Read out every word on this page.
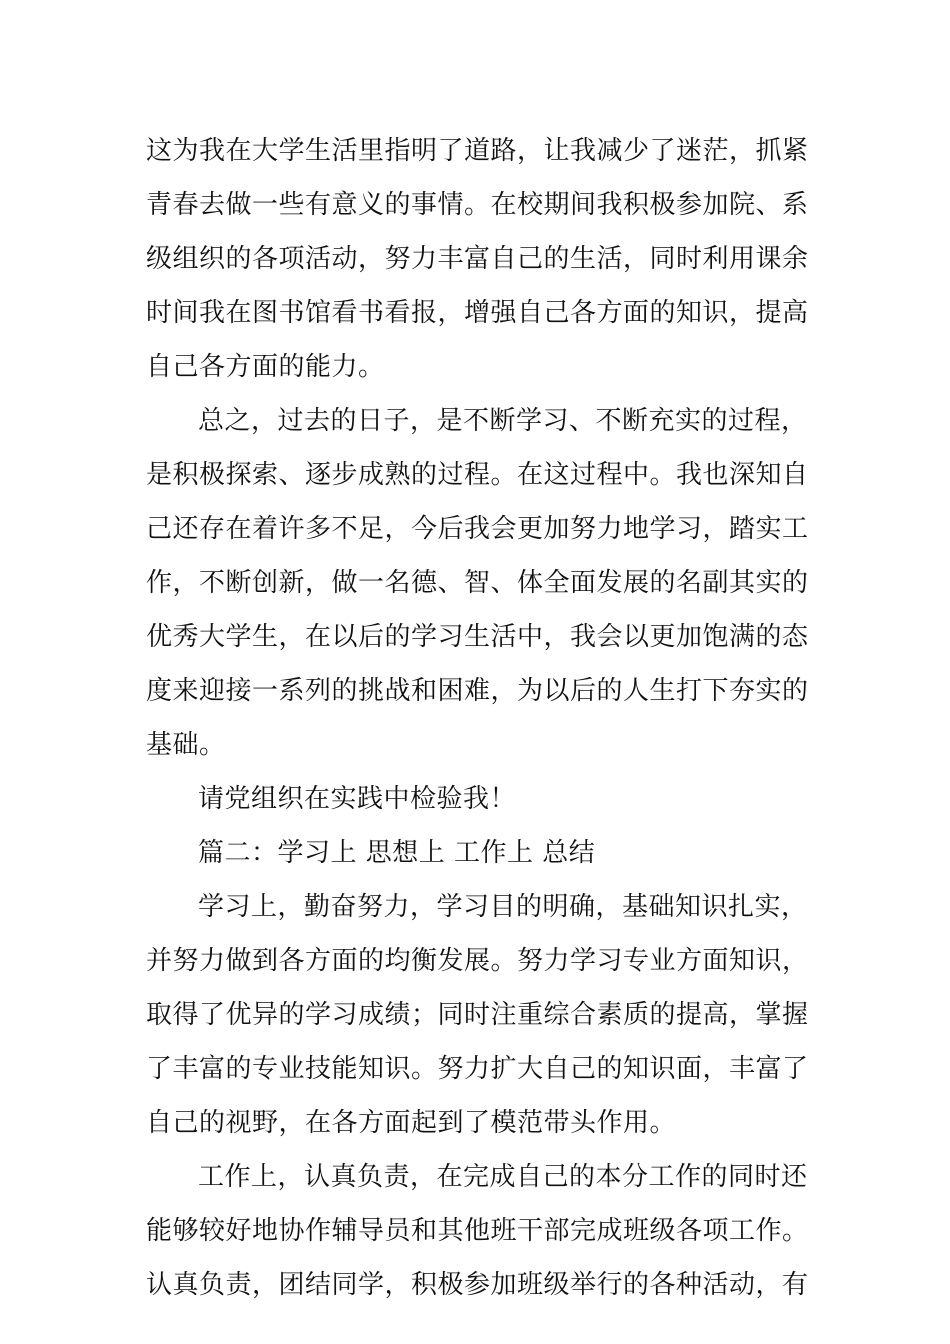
这为我在大学生活里指明了道路，让我减少了迷茫，抓紧
青春去做一些有意义的事情。在校期间我积极参加院、系
级组织的各项活动，努力丰富自己的生活，同时利用课余
时间我在图书馆看书看报，增强自己各方面的知识，提高
自己各方面的能力。
总之，过去的日子，是不断学习、不断充实的过程，
是积极探索、逐步成熟的过程。在这过程中。我也深知自
己还存在着许多不足，今后我会更加努力地学习，踏实工
作，不断创新，做一名德、智、体全面发展的名副其实的
优秀大学生，在以后的学习生活中，我会以更加饱满的态
度来迎接一系列的挑战和困难，为以后的人生打下夯实的
基础。
请党组织在实践中检验我！
篇二：学习上 思想上 工作上 总结
学习上，勤奋努力，学习目的明确，基础知识扎实，
并努力做到各方面的均衡发展。努力学习专业方面知识，
取得了优异的学习成绩；同时注重综合素质的提高，掌握
了丰富的专业技能知识。努力扩大自己的知识面，丰富了
自己的视野，在各方面起到了模范带头作用。
工作上，认真负责，在完成自己的本分工作的同时还
能够较好地协作辅导员和其他班干部完成班级各项工作。
认真负责，团结同学，积极参加班级举行的各种活动，有
